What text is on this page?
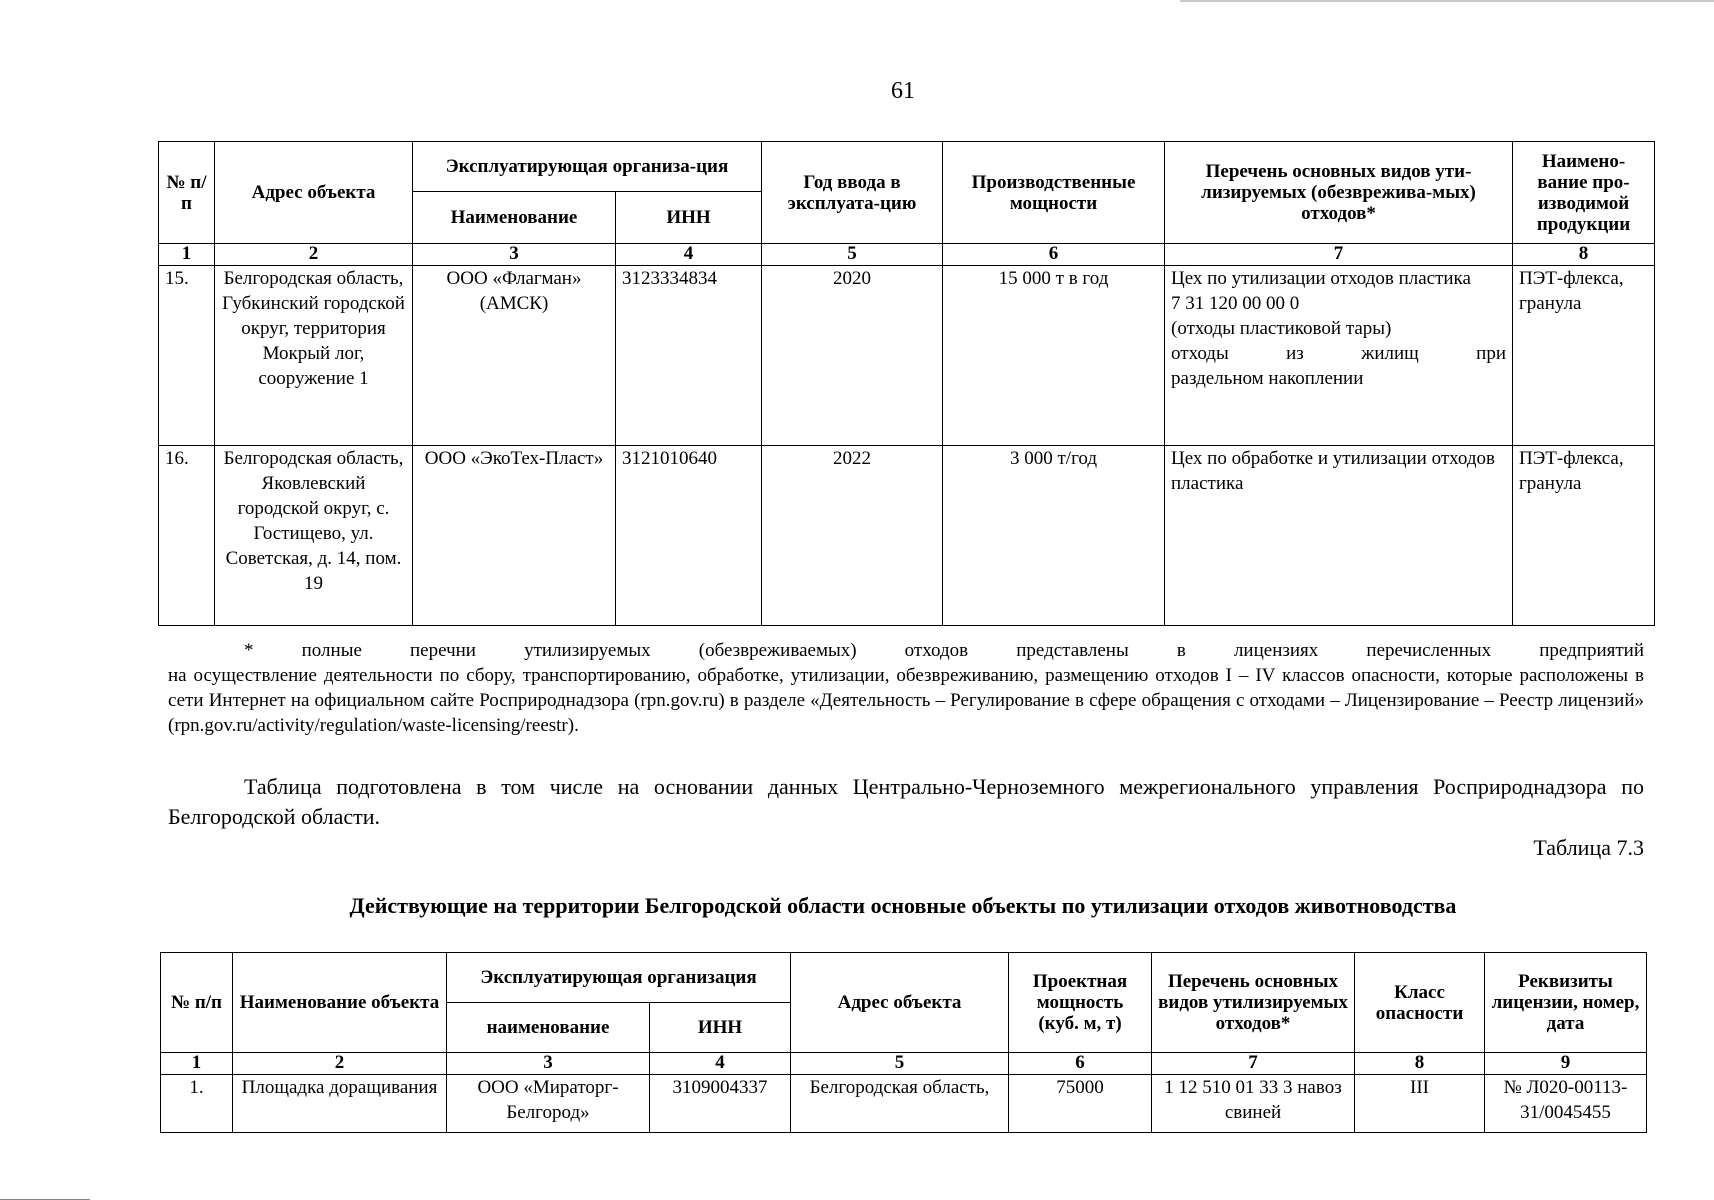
61
№ п/п	Адрес объекта	Эксплуатирующая организа-ция		Год ввода в эксплуата-цию	Производственные мощности	Перечень основных видов ути-лизируемых (обезврежива-мых) отходов*	Наимено-вание про-изводимой продукции
		Наименование	ИНН				
1	2	3	4	5	6	7	8
15.	Белгородская область, Губкинский городской округ, территория Мокрый лог, сооружение 1	ООО «Флагман» (АМСК)	3123334834	2020	15 000 т в год	Цех по утилизации отходов пластика
7 31 120 00 00 0
(отходы пластиковой тары)
отходы из жилищ при
раздельном накоплении	ПЭТ-флекса, гранула
16.	Белгородская область, Яковлевский городской округ, с. Гостищево, ул. Советская, д. 14, пом. 19	ООО «ЭкоТех-Пласт»	3121010640	2022	3 000 т/год	Цех по обработке и утилизации отходов пластика	ПЭТ-флекса, гранула
* полные перечни утилизируемых (обезвреживаемых) отходов представлены в лицензиях перечисленных предприятий
на осуществление деятельности по сбору, транспортированию, обработке, утилизации, обезвреживанию, размещению отходов I – IV классов опасности, которые расположены в сети Интернет на официальном сайте Росприроднадзора (rpn.gov.ru) в разделе «Деятельность – Регулирование в сфере обращения с отходами – Лицензирование – Реестр лицензий» (rpn.gov.ru/activity/regulation/waste-licensing/reestr).
Таблица подготовлена в том числе на основании данных Центрально-Черноземного межрегионального управления Росприроднадзора по Белгородской области.
Таблица 7.3
Действующие на территории Белгородской области основные объекты по утилизации отходов животноводства
№ п/п	Наименование объекта	Эксплуатирующая организация		Адрес объекта	Проектная мощность (куб. м, т)	Перечень основных видов утилизируемых отходов*	Класс опасности	Реквизиты лицензии, номер, дата
		наименование	ИНН					
1	2	3	4	5	6	7	8	9
1.	Площадка доращивания	ООО «Мираторг-Белгород»	3109004337	Белгородская область,	75000	1 12 510 01 33 3 навоз свиней	III	№ Л020-00113-31/0045455
